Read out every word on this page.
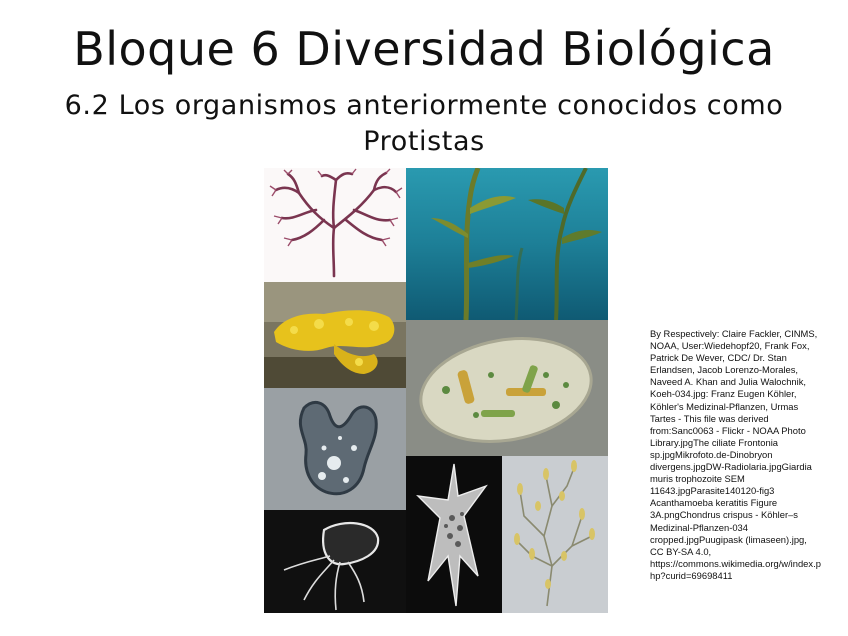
Bloque 6 Diversidad Biológica
6.2 Los organismos anteriormente conocidos como Protistas
By Respectively: Claire Fackler, CINMS, NOAA, User:Wiedehopf20, Frank Fox, Patrick De Wever, CDC/ Dr. Stan Erlandsen, Jacob Lorenzo-Morales, Naveed A. Khan and Julia Walochnik, Koeh-034.jpg: Franz Eugen Köhler, Köhler's Medizinal-Pflanzen, Urmas Tartes - This file was derived from:Sanc0063 - Flickr - NOAA Photo Library.jpgThe ciliate Frontonia sp.jpgMikrofoto.de-Dinobryon divergens.jpgDW-Radiolaria.jpgGiardia muris trophozoite SEM 11643.jpgParasite140120-fig3 Acanthamoeba keratitis Figure 3A.pngChondrus crispus - Köhler–s Medizinal-Pflanzen-034 cropped.jpgPuugipask (limaseen).jpg, CC BY-SA 4.0, https://commons.wikimedia.org/w/index.php?curid=69698411
